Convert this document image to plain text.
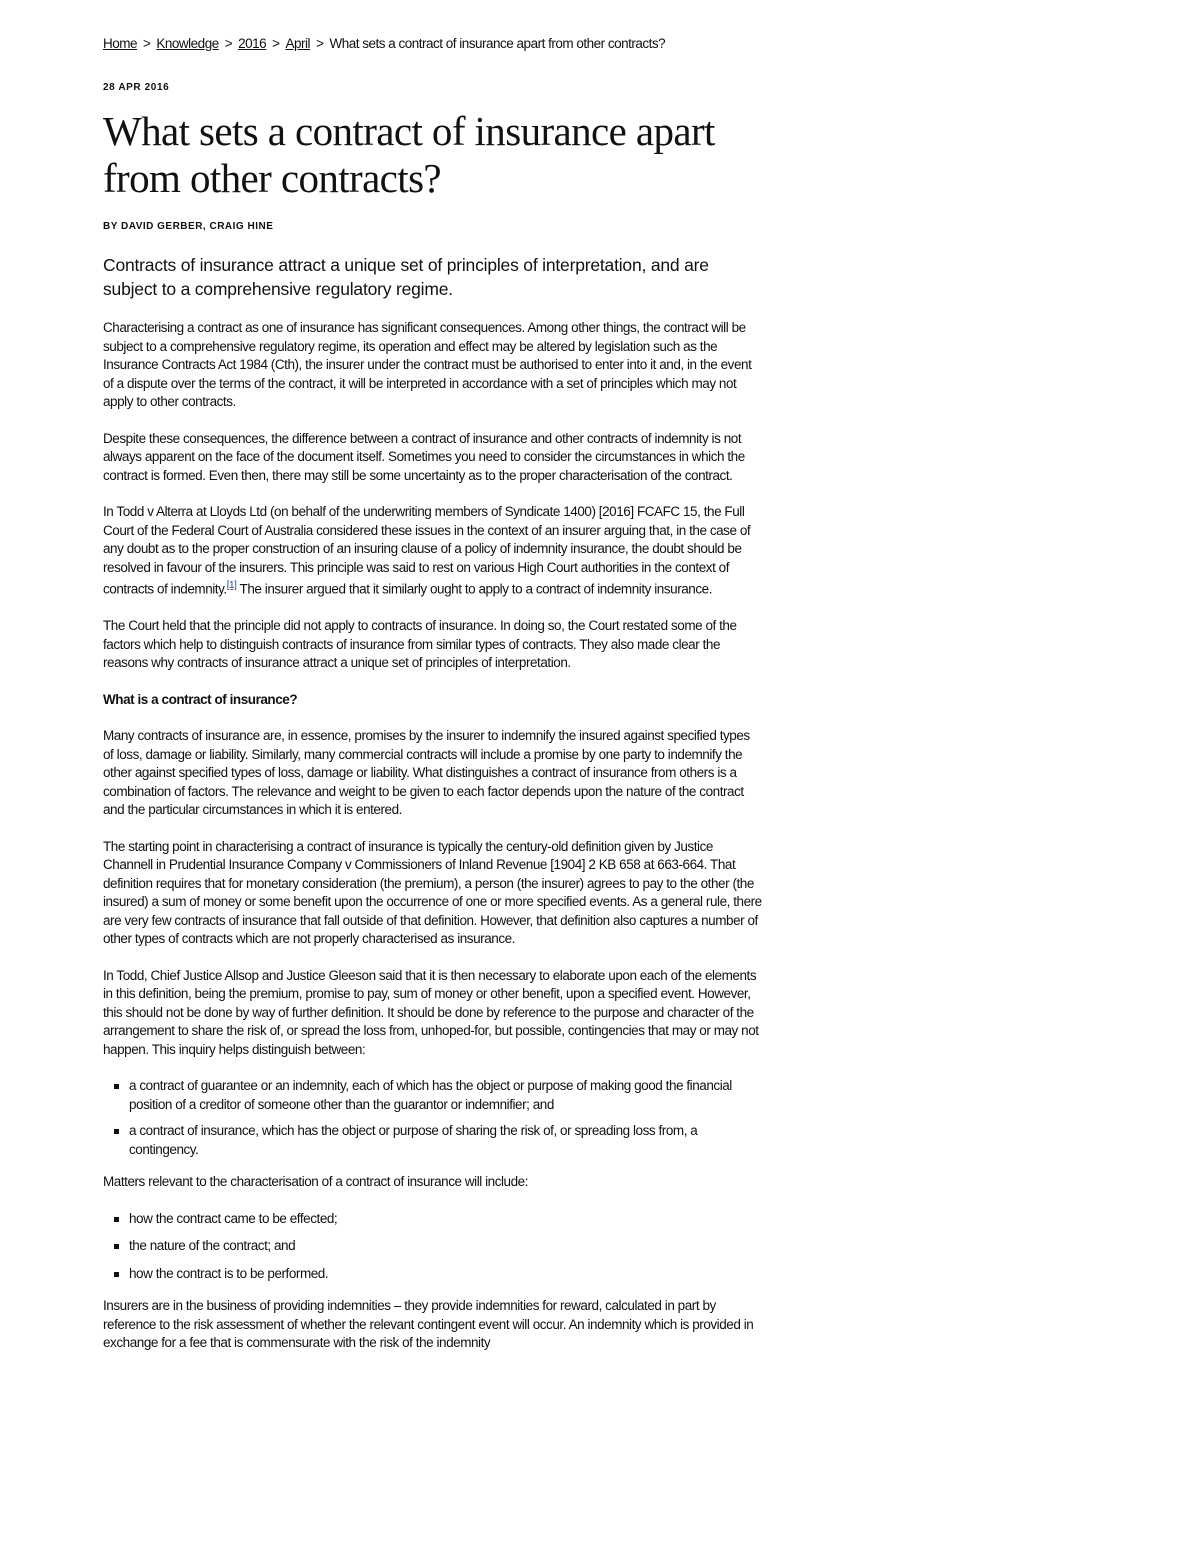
Home > Knowledge > 2016 > April > What sets a contract of insurance apart from other contracts?
28 APR 2016
What sets a contract of insurance apart from other contracts?
BY DAVID GERBER, CRAIG HINE

Contracts of insurance attract a unique set of principles of interpretation, and are subject to a comprehensive regulatory regime.

Characterising a contract as one of insurance has significant consequences. Among other things, the contract will be subject to a comprehensive regulatory regime, its operation and effect may be altered by legislation such as the Insurance Contracts Act 1984 (Cth), the insurer under the contract must be authorised to enter into it and, in the event of a dispute over the terms of the contract, it will be interpreted in accordance with a set of principles which may not apply to other contracts.

Despite these consequences, the difference between a contract of insurance and other contracts of indemnity is not always apparent on the face of the document itself. Sometimes you need to consider the circumstances in which the contract is formed. Even then, there may still be some uncertainty as to the proper characterisation of the contract.

In Todd v Alterra at Lloyds Ltd (on behalf of the underwriting members of Syndicate 1400) [2016] FCAFC 15, the Full Court of the Federal Court of Australia considered these issues in the context of an insurer arguing that, in the case of any doubt as to the proper construction of an insuring clause of a policy of indemnity insurance, the doubt should be resolved in favour of the insurers. This principle was said to rest on various High Court authorities in the context of contracts of indemnity.[1] The insurer argued that it similarly ought to apply to a contract of indemnity insurance.

The Court held that the principle did not apply to contracts of insurance. In doing so, the Court restated some of the factors which help to distinguish contracts of insurance from similar types of contracts. They also made clear the reasons why contracts of insurance attract a unique set of principles of interpretation.

What is a contract of insurance?

Many contracts of insurance are, in essence, promises by the insurer to indemnify the insured against specified types of loss, damage or liability. Similarly, many commercial contracts will include a promise by one party to indemnify the other against specified types of loss, damage or liability. What distinguishes a contract of insurance from others is a combination of factors. The relevance and weight to be given to each factor depends upon the nature of the contract and the particular circumstances in which it is entered.

The starting point in characterising a contract of insurance is typically the century-old definition given by Justice Channell in Prudential Insurance Company v Commissioners of Inland Revenue [1904] 2 KB 658 at 663-664. That definition requires that for monetary consideration (the premium), a person (the insurer) agrees to pay to the other (the insured) a sum of money or some benefit upon the occurrence of one or more specified events. As a general rule, there are very few contracts of insurance that fall outside of that definition. However, that definition also captures a number of other types of contracts which are not properly characterised as insurance.

In Todd, Chief Justice Allsop and Justice Gleeson said that it is then necessary to elaborate upon each of the elements in this definition, being the premium, promise to pay, sum of money or other benefit, upon a specified event. However, this should not be done by way of further definition. It should be done by reference to the purpose and character of the arrangement to share the risk of, or spread the loss from, unhoped-for, but possible, contingencies that may or may not happen. This inquiry helps distinguish between:

a contract of guarantee or an indemnity, each of which has the object or purpose of making good the financial position of a creditor of someone other than the guarantor or indemnifier; and
a contract of insurance, which has the object or purpose of sharing the risk of, or spreading loss from, a contingency.

Matters relevant to the characterisation of a contract of insurance will include:

how the contract came to be effected;
the nature of the contract; and
how the contract is to be performed.

Insurers are in the business of providing indemnities – they provide indemnities for reward, calculated in part by reference to the risk assessment of whether the relevant contingent event will occur. An indemnity which is provided in exchange for a fee that is commensurate with the risk of the indemnity
